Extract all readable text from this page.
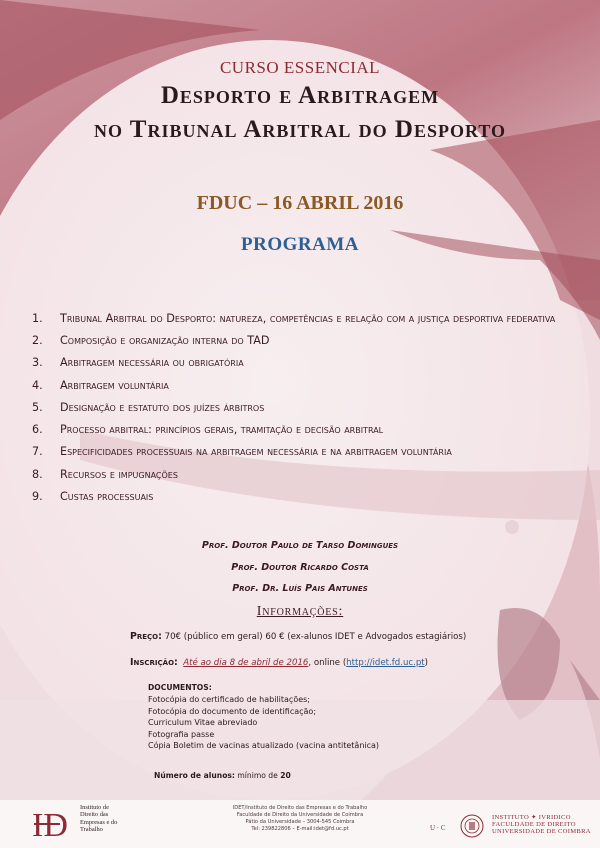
CURSO ESSENCIAL
Desporto e Arbitragem
no Tribunal Arbitral do Desporto
FDUC – 16 ABRIL 2016
PROGRAMA
1.	Tribunal Arbitral do Desporto: natureza, competências e relação com a justiça desportiva federativa
2.	Composição e organização interna do TAD
3.	Arbitragem necessária ou obrigatória
4.	Arbitragem voluntária
5.	Designação e estatuto dos juízes árbitros
6.	Processo arbitral: princípios gerais, tramitação e decisão arbitral
7.	Especificidades processuais na arbitragem necessária e na arbitragem voluntária
8.	Recursos e impugnações
9.	Custas processuais
Prof. Doutor Paulo de Tarso Domingues
Prof. Doutor Ricardo Costa
Prof. Dr. Luís Pais Antunes
Informações:
Preço: 70€ (público em geral) 60 € (ex-alunos IDET e Advogados estagiários)
Inscrição: Até ao dia 8 de abril de 2016, online (http://idet.fd.uc.pt)
DOCUMENTOS:
Fotocópia do certificado de habilitações;
Fotocópia do documento de identificação;
Curriculum Vitae abreviado
Fotografia passe
Cópia Boletim de vacinas atualizado (vacina antitetânica)
Número de alunos: mínimo de 20
ID Instituto de
Direito das
Empresas e do
Trabalho
IDET/Instituto de Direito das Empresas e do Trabalho
Faculdade de Direito da Universidade de Coimbra
Pátio da Universidade – 3004-545 Coimbra
Tel: 239822806 – E-mail:idet@fd.uc.pt	U · C
INSTITUTO ✦ IVRIDICO
FACULDADE DE DIREITO
UNIVERSIDADE DE COIMBRA
